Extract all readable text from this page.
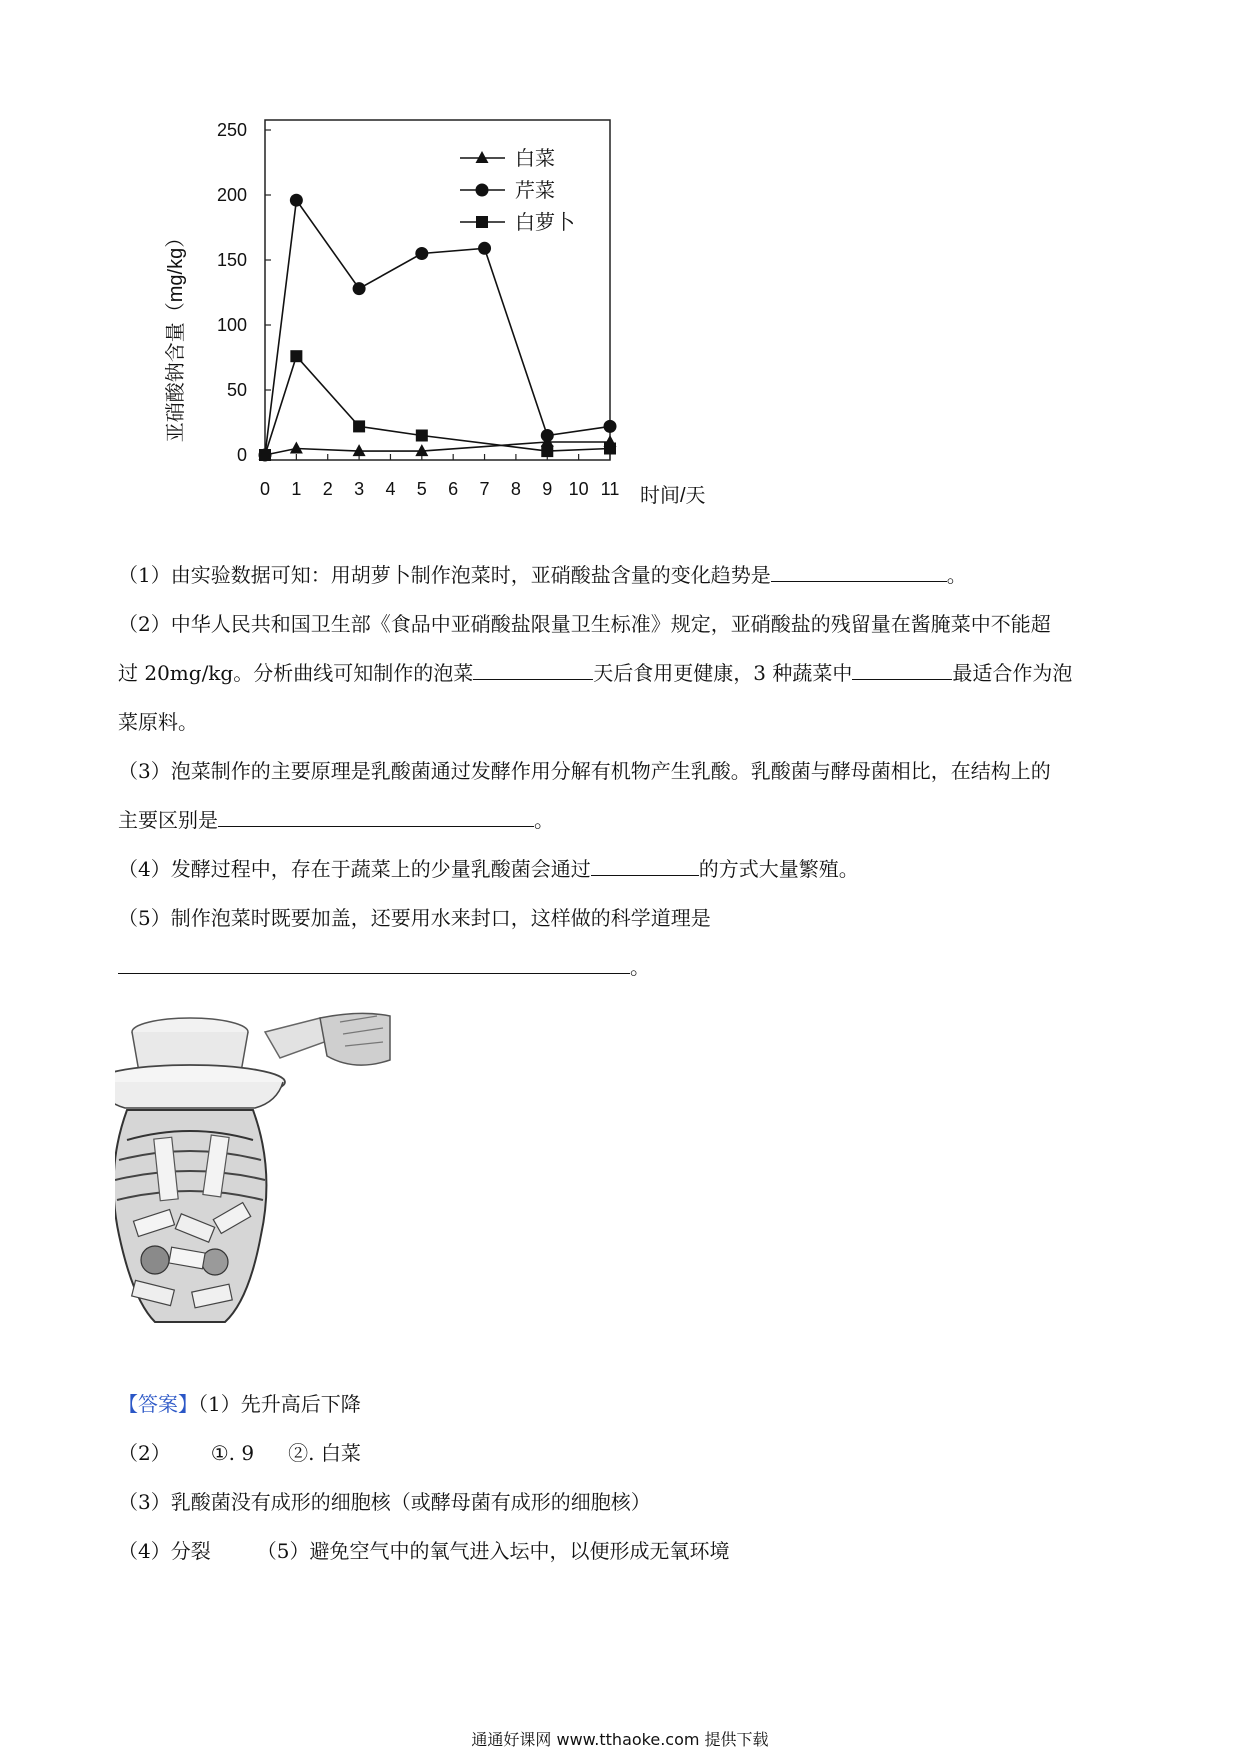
0
50
100
150
200
250
0 1 2 3 4 5 6 7 8 9 10 11
亚硝酸钠含量（mg/kg）
时间/天
白菜
芹菜
白萝卜
（1）由实验数据可知：用胡萝卜制作泡菜时，亚硝酸盐含量的变化趋势是	。
（2）中华人民共和国卫生部《食品中亚硝酸盐限量卫生标准》规定，亚硝酸盐的残留量在酱腌菜中不能超
过 20mg/kg。分析曲线可知制作的泡菜	天后食用更健康，3 种蔬菜中	最适合作为泡
菜原料。
（3）泡菜制作的主要原理是乳酸菌通过发酵作用分解有机物产生乳酸。乳酸菌与酵母菌相比，在结构上的
主要区别是	。
（4）发酵过程中，存在于蔬菜上的少量乳酸菌会通过	的方式大量繁殖。
（5）制作泡菜时既要加盖，还要用水来封口，这样做的科学道理是
。
【答案】（1）先升高后下降
（2） ①. 9 ②. 白菜
（3）乳酸菌没有成形的细胞核（或酵母菌有成形的细胞核）
（4）分裂 （5）避免空气中的氧气进入坛中，以便形成无氧环境
通通好课网 www.tthaoke.com 提供下载
